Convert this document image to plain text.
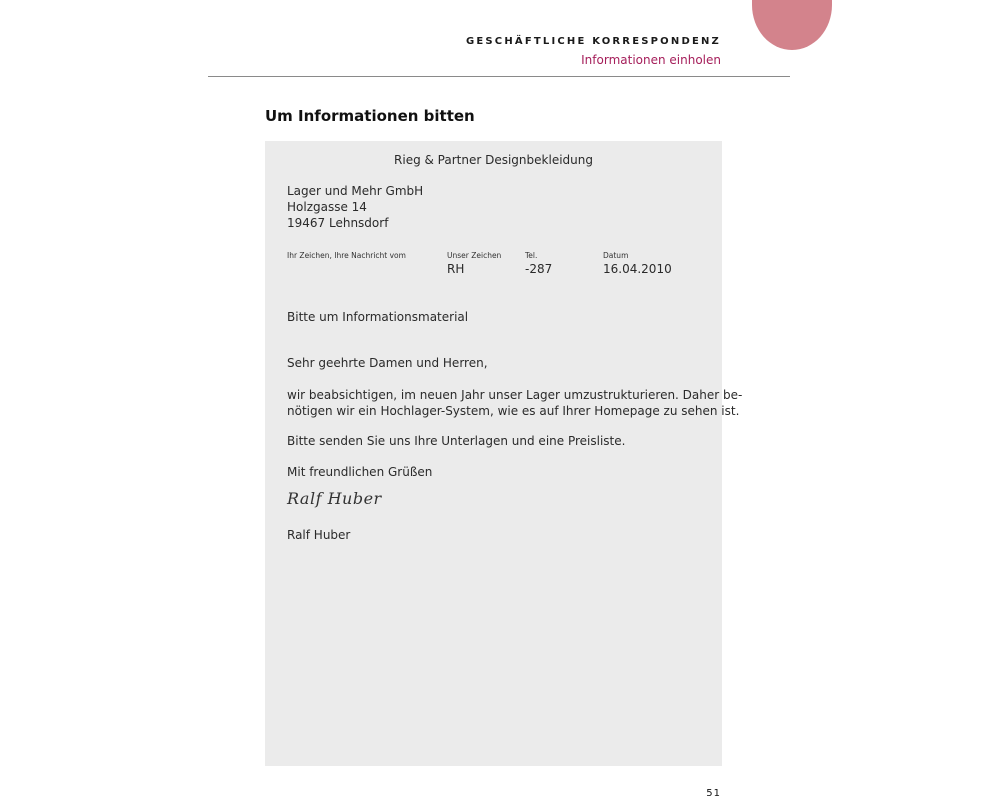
GESCHÄFTLICHE KORRESPONDENZ
Informationen einholen
Um Informationen bitten
Rieg & Partner Designbekleidung
Lager und Mehr GmbH
Holzgasse 14
19467 Lehnsdorf
Ihr Zeichen, Ihre Nachricht vom	Unser Zeichen
RH
Tel.
-287
Datum
16.04.2010
Bitte um Informationsmaterial
Sehr geehrte Damen und Herren,
wir beabsichtigen, im neuen Jahr unser Lager umzustrukturieren. Daher be-
nötigen wir ein Hochlager-System, wie es auf Ihrer Homepage zu sehen ist.
Bitte senden Sie uns Ihre Unterlagen und eine Preisliste.
Mit freundlichen Grüßen
Ralf Huber
Ralf Huber
51
